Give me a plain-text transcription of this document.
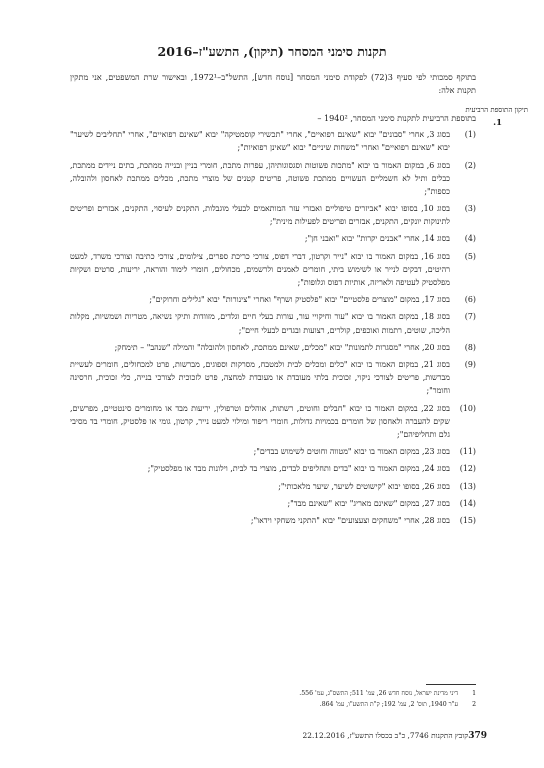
תקנות סימני המסחר (תיקון), התשע"ז–2016
בתוקף סמכותי לפי סעיף 3(72) לפקודת סימני המסחר [נוסח חדש], התשל"ב–1972¹, ובאישור שרת המשפטים, אני מתקין תקנות אלה:
תיקון התוספת הרביעית
1.
בתוספת הרביעית לתקנות סימני המסחר, 1940² –
(1)
בסוג 3, אחרי "סבונים" יבוא "שאינם רפואיים", אחרי "תכשירי קוסמטיקה" יבוא "שאינם רפואיים", אחרי "תחליבים לשיער" יבוא "שאינם רפואיים" ואחרי "משחות שיניים" יבוא "שאינן רפואיות";
(2)
בסוג 6, במקום האמור בו יבוא "מתכות פשוטות וסגסוגותיהן, עפרות מתכת, חומרי בניין ובנייה ממתכת, בתים ניידים ממתכת, כבלים ותיל לא חשמליים העשויים ממתכת פשוטה, פריטים קטנים של מוצרי מתכת, מכלים ממתכת לאחסון ולהובלה, כספות";
(3)
בסוג 10, בסופו יבוא "אביזרים טיפוליים ואבזרי עזר המותאמים לבעלי מוגבלות, התקנים לעיסוי, התקנים, אבזרים ופריטים לתינוקות יונקים, התקנים, אבזרים ופריטים לפעילות מינית";
(4)
בסוג 14, אחרי "אבנים יקרות" יבוא "ואבני חן";
(5)
בסוג 16, במקום האמור בו יבוא "נייר וקרטון, דברי דפוס, צורכי כריכת ספרים, צילומים, צורכי כתיבה וצורכי משרד, למעט רהיטים, דבקים לנייר או לשימוש ביתי, חומרים לאמנים ולרשמים, מכחולים, חומרי לימוד והוראה, יריעות, סרטים ושקיות מפלסטיק לעטיפה ולאריזה, אותיות דפוס וגלופות";
(6)
בסוג 17, במקום "מוצרים פלסטיים" יבוא "פלסטיק ושרף" ואחרי "צינורות" יבוא "גלילים וחרוקים";
(7)
בסוג 18, במקום האמור בו יבוא "עור וחיקויי עור, עורות בעלי חיים וגלדים, מזוודות ותיקי נשיאה, מטריות ושמשיות, מקלות הליכה, שוטים, רתמות ואוכפים, קולרים, רצועות ובגדים לבעלי חיים";
(8)
בסוג 20, אחרי "מסגרות לתמונות" יבוא "מכלים, שאינם ממתכת, לאחסון ולהובלה" והמילה "שנהב" – תימחק;
(9)
בסוג 21, במקום האמור בו יבוא "כלים ומכלים לבית ולמטבח, מסרקות וספוגים, מברשות, פרט למכחולים, חומרים לעשיית מברשות, פריטים לצורכי ניקוי, זכוכית בלתי מעובדת או מעובדת למחצה, פרט לזכוכית לצורכי בנייה, כלי זכוכית, חרסינה וחומר";
(10)
בסוג 22, במקום האמור בו יבוא "חבלים וחוטים, רשתות, אוהלים וטרפולין, יריעות מבד או מחומרים סינטטיים, מפרשים, שקים להעברה ולאחסון של חומרים בכמויות גדולות, חומרי ריפוד ומילוי למעט נייר, קרטון, גומי או פלסטיק, חומרי בד מסיבי גלם ותחליפיהם";
(11)
בסוג 23, במקום האמור בו יבוא "מטווה וחוטים לשימוש בבדים";
(12)
בסוג 24, במקום האמור בו יבוא "בדים ותחליפים לבדים, מוצרי בד לבית, וילונות מבד או מפלסטיק";
(13)
בסוג 26, בסופו יבוא "קישוטים לשיער, שיער מלאכותי";
(14)
בסוג 27, במקום "שאינם מאריג" יבוא "שאינם מבד";
(15)
בסוג 28, אחרי "משחקים וצעצועים" יבוא "התקני משחקי וידאו";
1
דיני מדינת ישראל, נוסח חדש 26, עמ' 511; התשס"ג, עמ' 556.
2
ע"ר 1940, תוס' 2, עמ' 192; ק"ת התשע"ו, עמ' 864.
קובץ התקנות 7746, כ"ב בכסלו התשע"ז, 22.12.2016 379
